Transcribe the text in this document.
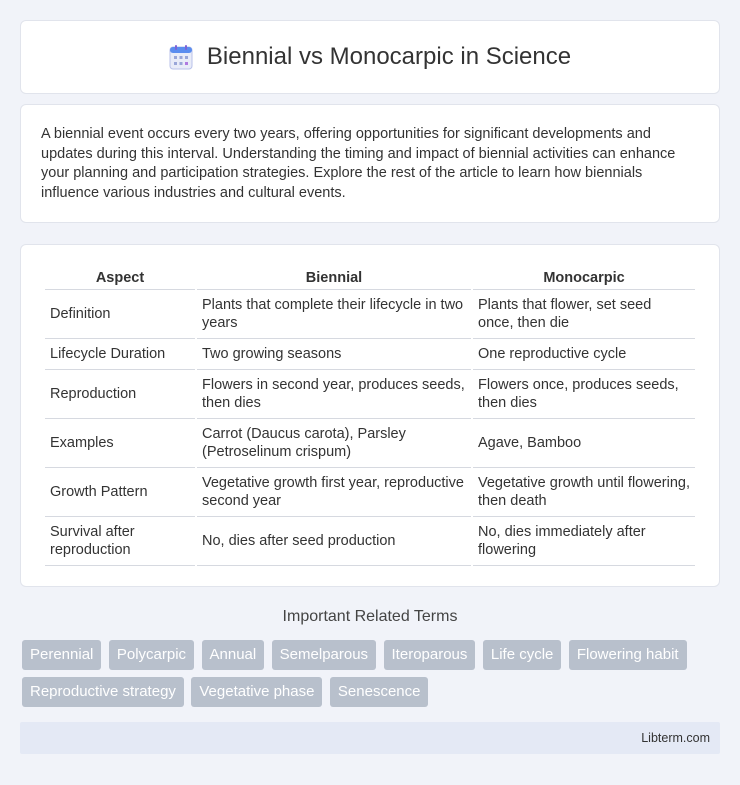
Biennial vs Monocarpic in Science

A biennial event occurs every two years, offering opportunities for significant developments and updates during this interval. Understanding the timing and impact of biennial activities can enhance your planning and participation strategies. Explore the rest of the article to learn how biennials influence various industries and cultural events.

Aspect	Biennial	Monocarpic
Definition	Plants that complete their lifecycle in two years	Plants that flower, set seed once, then die
Lifecycle Duration	Two growing seasons	One reproductive cycle
Reproduction	Flowers in second year, produces seeds, then dies	Flowers once, produces seeds, then dies
Examples	Carrot (Daucus carota), Parsley (Petroselinum crispum)	Agave, Bamboo
Growth Pattern	Vegetative growth first year, reproductive second year	Vegetative growth until flowering, then death
Survival after reproduction	No, dies after seed production	No, dies immediately after flowering
Important Related Terms
Perennial Polycarpic Annual Semelparous Iteroparous Life cycle Flowering habit Reproductive strategy Vegetative phase Senescence
Libterm.com
